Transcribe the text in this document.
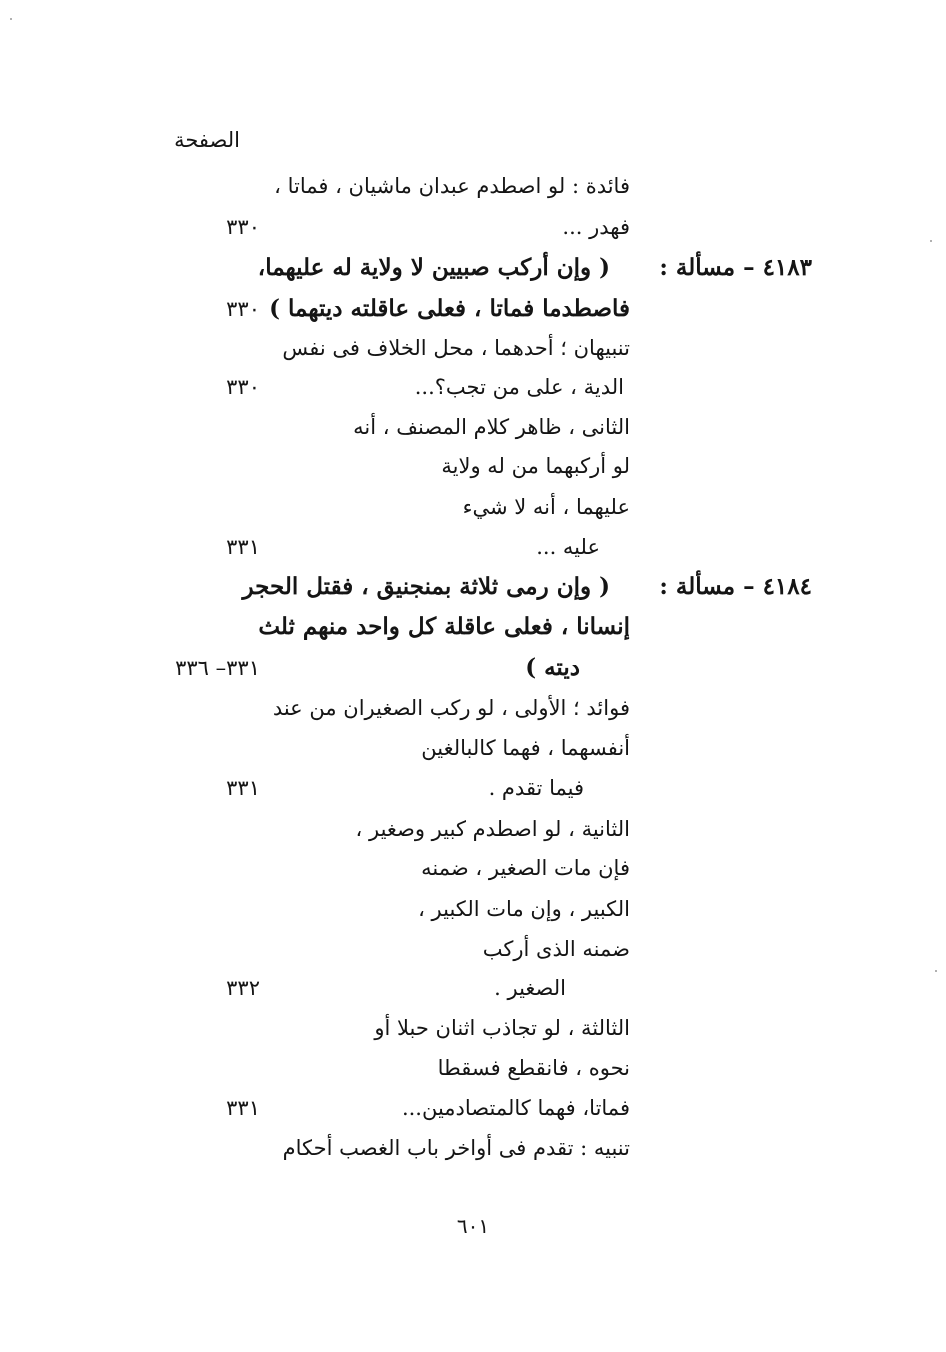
الصفحة
فائدة : لو اصطدم عبدان ماشيان ، فماتا ،
فهدر ...
٣٣٠
٤١٨٣ – مسألة :
( وإن أركب صبيين لا ولاية له عليهما،
فاصطدما فماتا ، فعلى عاقلته ديتهما )
٣٣٠
تنبيهان ؛ أحدهما ، محل الخلاف فى نفس
الدية ، على من تجب؟...
٣٣٠
الثانى ، ظاهر كلام المصنف ، أنه
لو أركبهما من له ولاية
عليهما ، أنه لا شيء
عليه ...
٣٣١
٤١٨٤ – مسألة :
( وإن رمى ثلاثة بمنجنيق ، فقتل الحجر
إنسانا ، فعلى عاقلة كل واحد منهم ثلث
ديته )
٣٣١– ٣٣٦
فوائد ؛ الأولى ، لو ركب الصغيران من عند
أنفسهما ، فهما كالبالغين
فيما تقدم .
٣٣١
الثانية ، لو اصطدم كبير وصغير ،
فإن مات الصغير ، ضمنه
الكبير ، وإن مات الكبير ،
ضمنه الذى أركب
الصغير .
٣٣٢
الثالثة ، لو تجاذب اثنان حبلا أو
نحوه ، فانقطع فسقطا
فماتا، فهما كالمتصادمين...
٣٣١
تنبيه : تقدم فى أواخر باب الغصب أحكام
٦٠١
